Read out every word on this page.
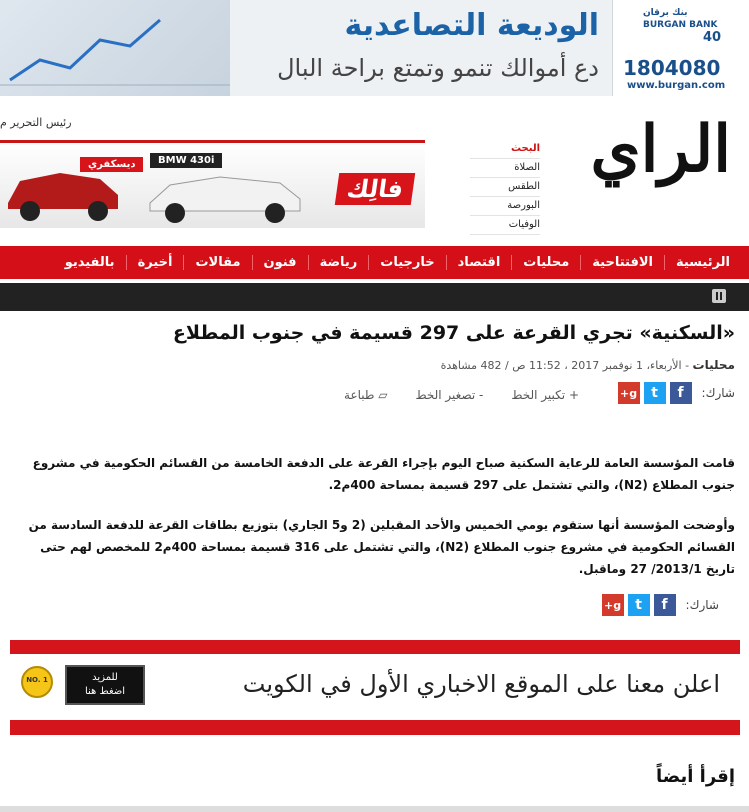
الوديعة التصاعدية
دع أموالك تنمو وتمتع براحة البال
بنك برقان
BURGAN BANK
40
1804080
www.burgan.com
رئيس التحرير م	الراي
البحث
الصلاة
الطقس
البورصة
الوفيات
ديسكفري	BMW 430i
فالِك
الرئيسية
الافتتاحية
محليات
اقتصاد
خارجيات
رياضة
فنون
مقالات
أخيرة
بالفيديو
«السكنية» تجري القرعة على 297 قسيمة في جنوب المطلاع
محليات - الأربعاء، 1 نوفمبر 2017 ، 11:52 ص / 482 مشاهدة
شارك:
f
t
g+
+ تكبير الخط
- تصغير الخط
▱ طباعة
قامت المؤسسة العامة للرعاية السكنية صباح اليوم بإجراء القرعة على الدفعة الخامسة من القسائم الحكومية في مشروع جنوب المطلاع (N2)، والتي تشتمل على 297 قسيمة بمساحة 400م2.
وأوضحت المؤسسة أنها ستقوم يومي الخميس والأحد المقبلين (2 و5 الجاري) بتوزيع بطاقات القرعة للدفعة السادسة من القسائم الحكومية في مشروع جنوب المطلاع (N2)، والتي تشتمل على 316 قسيمة بمساحة 400م2 للمخصص لهم حتى تاريخ 2013/1/ 27 وماقبل.
شارك:
f
t
g+
اعلن معنا على الموقع الاخباري الأول في الكويت
للمزيد
اضغط هنا
NO. 1
إقرأ أيضاً
